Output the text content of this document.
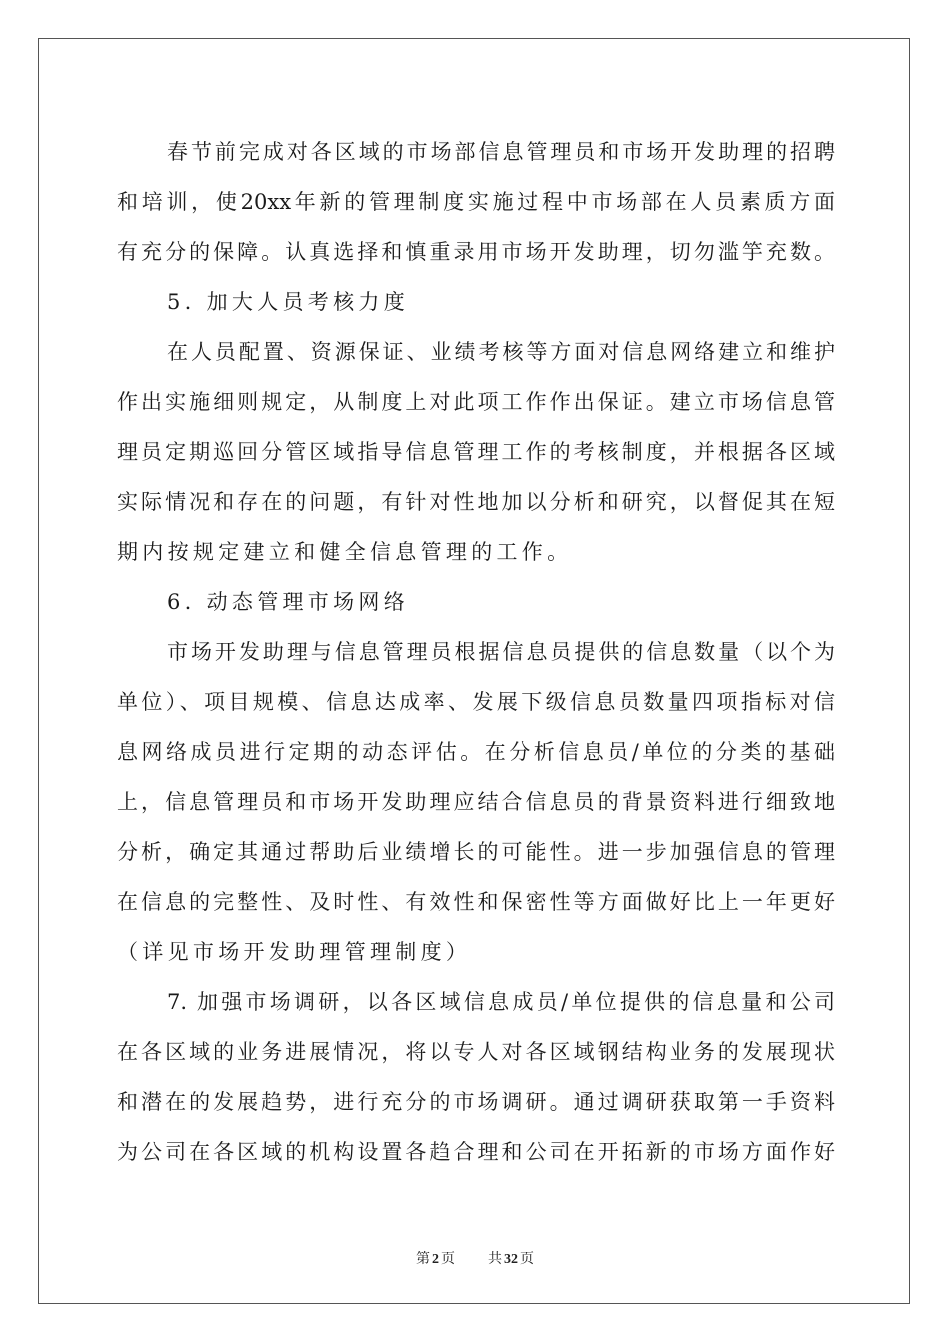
春节前完成对各区域的市场部信息管理员和市场开发助理的招聘
和培训，使20xx年新的管理制度实施过程中市场部在人员素质方面
有充分的保障。认真选择和慎重录用市场开发助理，切勿滥竽充数。
5. 加大人员考核力度
在人员配置、资源保证、业绩考核等方面对信息网络建立和维护
作出实施细则规定，从制度上对此项工作作出保证。建立市场信息管
理员定期巡回分管区域指导信息管理工作的考核制度，并根据各区域
实际情况和存在的问题，有针对性地加以分析和研究，以督促其在短
期内按规定建立和健全信息管理的工作。
6. 动态管理市场网络
市场开发助理与信息管理员根据信息员提供的信息数量（以个为
单位）、项目规模、信息达成率、发展下级信息员数量四项指标对信
息网络成员进行定期的动态评估。在分析信息员/单位的分类的基础
上，信息管理员和市场开发助理应结合信息员的背景资料进行细致地
分析，确定其通过帮助后业绩增长的可能性。进一步加强信息的管理
在信息的完整性、及时性、有效性和保密性等方面做好比上一年更好
（详见市场开发助理管理制度）
7. 加强市场调研，以各区域信息成员/单位提供的信息量和公司
在各区域的业务进展情况，将以专人对各区域钢结构业务的发展现状
和潜在的发展趋势，进行充分的市场调研。通过调研获取第一手资料
为公司在各区域的机构设置各趋合理和公司在开拓新的市场方面作好
第 2 页 共 32 页
